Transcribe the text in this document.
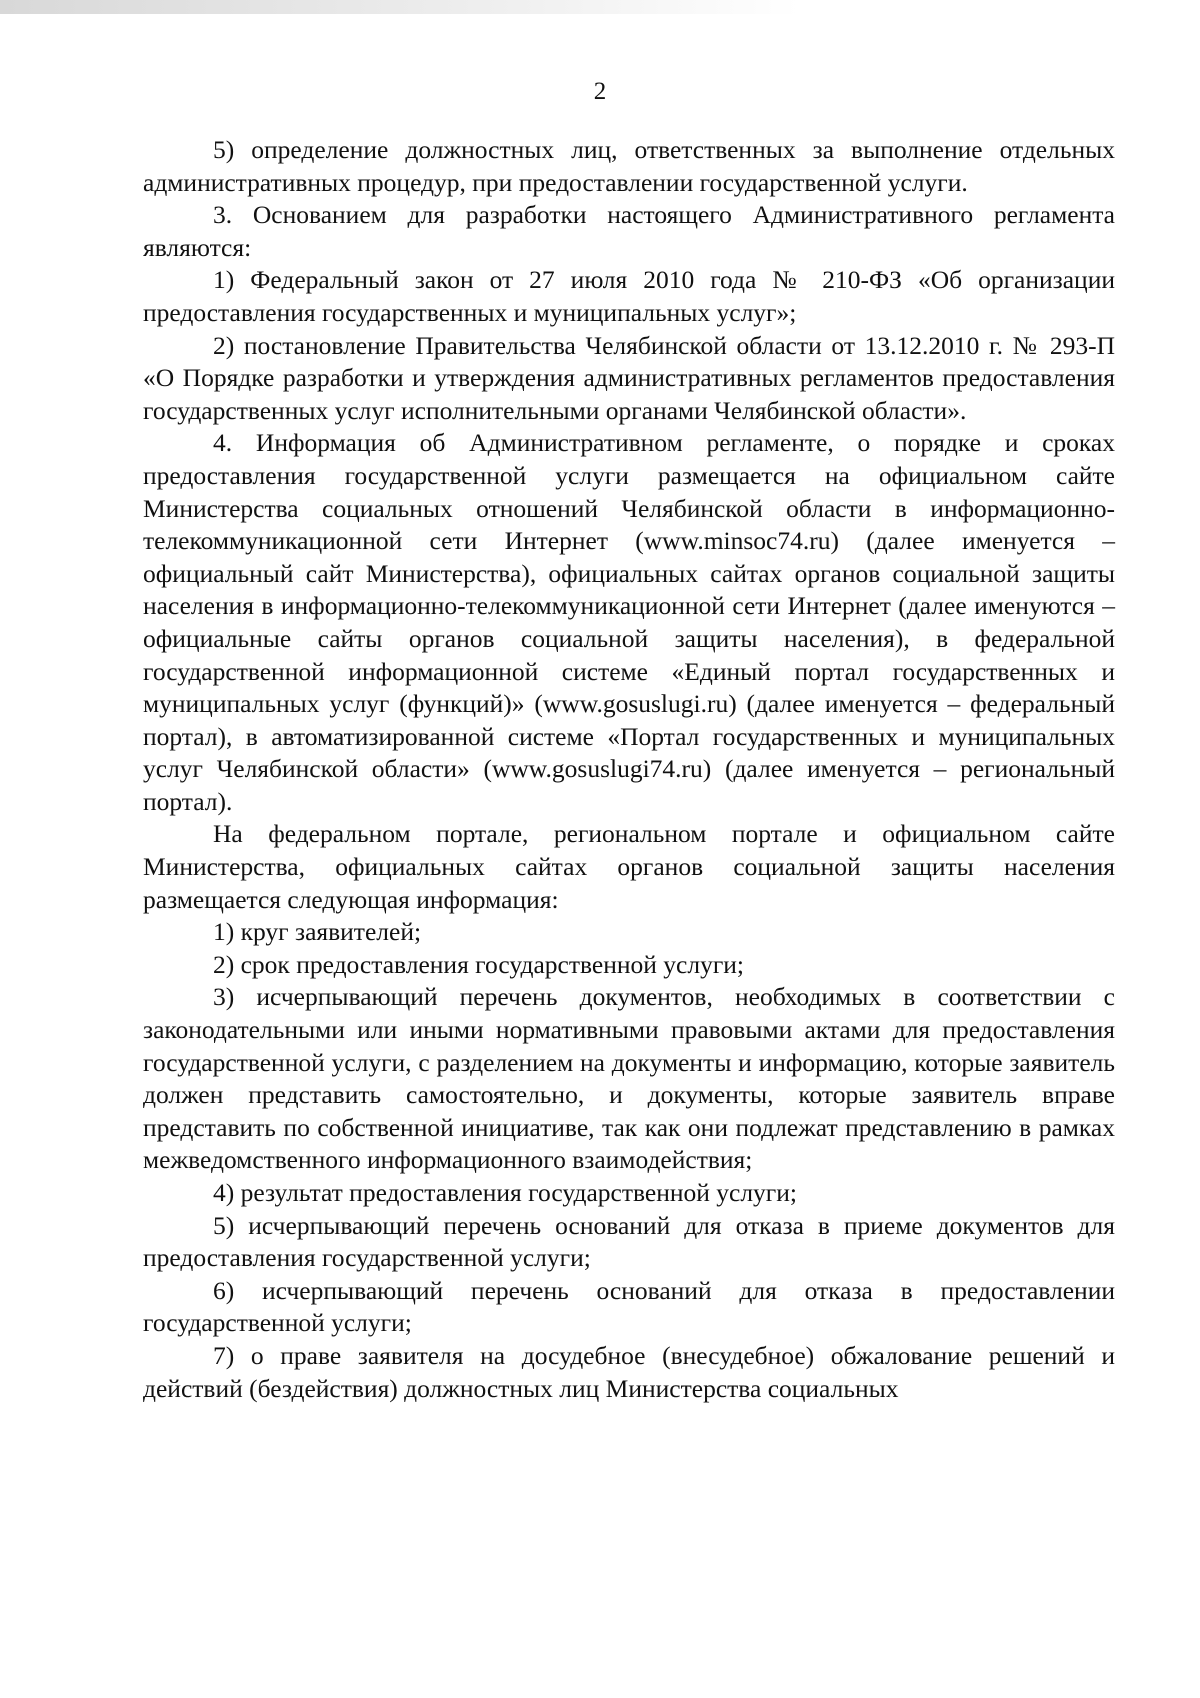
2

5) определение должностных лиц, ответственных за выполнение отдельных административных процедур, при предоставлении государственной услуги.

3. Основанием для разработки настоящего Административного регламента являются:

1) Федеральный закон от 27 июля 2010 года № 210-ФЗ «Об организации предоставления государственных и муниципальных услуг»;

2) постановление Правительства Челябинской области от 13.12.2010 г. № 293-П «О Порядке разработки и утверждения административных регламентов предоставления государственных услуг исполнительными органами Челябинской области».

4. Информация об Административном регламенте, о порядке и сроках предоставления государственной услуги размещается на официальном сайте Министерства социальных отношений Челябинской области в информационно-телекоммуникационной сети Интернет (www.minsoc74.ru) (далее именуется – официальный сайт Министерства), официальных сайтах органов социальной защиты населения в информационно-телекоммуникационной сети Интернет (далее именуются – официальные сайты органов социальной защиты населения), в федеральной государственной информационной системе «Единый портал государственных и муниципальных услуг (функций)» (www.gosuslugi.ru) (далее именуется – федеральный портал), в автоматизированной системе «Портал государственных и муниципальных услуг Челябинской области» (www.gosuslugi74.ru) (далее именуется – региональный портал).

На федеральном портале, региональном портале и официальном сайте Министерства, официальных сайтах органов социальной защиты населения размещается следующая информация:

1) круг заявителей;

2) срок предоставления государственной услуги;

3) исчерпывающий перечень документов, необходимых в соответствии с законодательными или иными нормативными правовыми актами для предоставления государственной услуги, с разделением на документы и информацию, которые заявитель должен представить самостоятельно, и документы, которые заявитель вправе представить по собственной инициативе, так как они подлежат представлению в рамках межведомственного информационного взаимодействия;

4) результат предоставления государственной услуги;

5) исчерпывающий перечень оснований для отказа в приеме документов для предоставления государственной услуги;

6) исчерпывающий перечень оснований для отказа в предоставлении государственной услуги;

7) о праве заявителя на досудебное (внесудебное) обжалование решений и действий (бездействия) должностных лиц Министерства социальных
